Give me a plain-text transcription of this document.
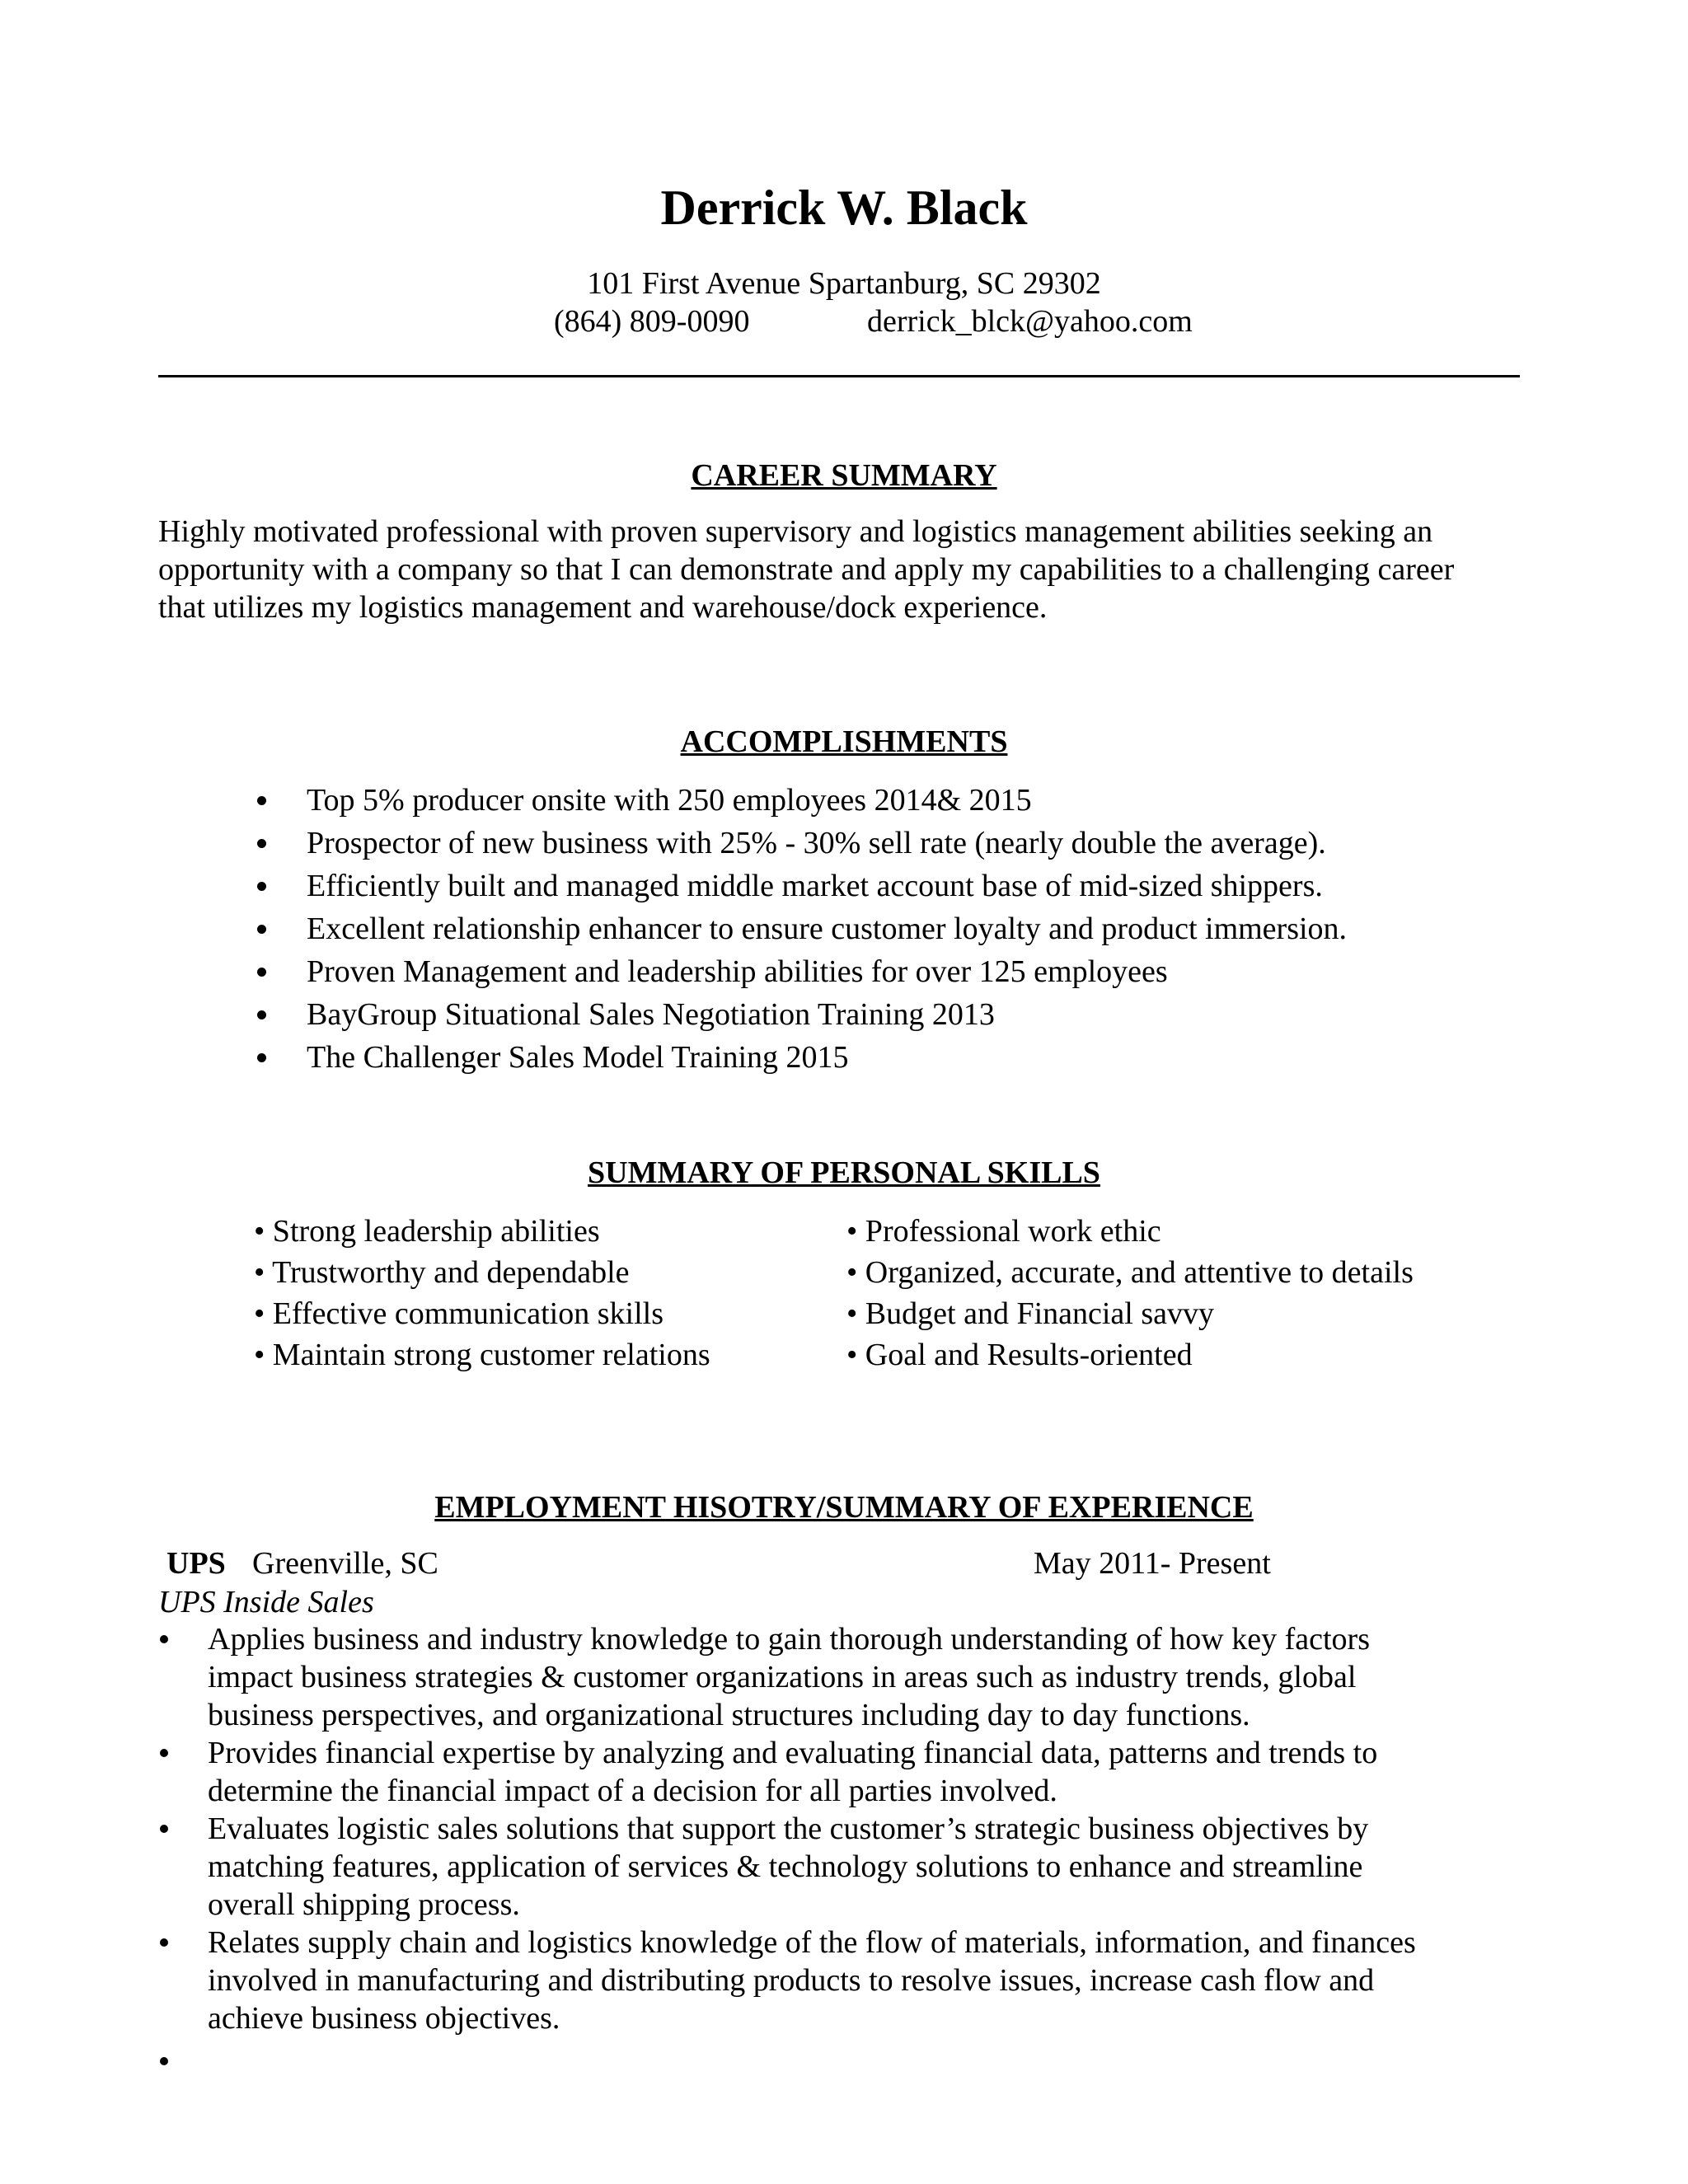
Derrick W. Black

101 First Avenue Spartanburg, SC 29302

(864) 809-0090	derrick_blck@yahoo.com

CAREER SUMMARY

Highly motivated professional with proven supervisory and logistics management abilities seeking an
opportunity with a company so that I can demonstrate and apply my capabilities to a challenging career
that utilizes my logistics management and warehouse/dock experience.

ACCOMPLISHMENTS
Top 5% producer onsite with 250 employees 2014& 2015
Prospector of new business with 25% - 30% sell rate (nearly double the average).
Efficiently built and managed middle market account base of mid-sized shippers.
Excellent relationship enhancer to ensure customer loyalty and product immersion.
Proven Management and leadership abilities for over 125 employees
BayGroup Situational Sales Negotiation Training 2013
The Challenger Sales Model Training 2015
SUMMARY OF PERSONAL SKILLS
• Strong leadership abilities
• Trustworthy and dependable
• Effective communication skills
• Maintain strong customer relations
• Professional work ethic
• Organized, accurate, and attentive to details
• Budget and Financial savvy
• Goal and Results-oriented
EMPLOYMENT HISOTRY/SUMMARY OF EXPERIENCE

UPS Greenville, SC	May 2011- Present

UPS Inside Sales

Applies business and industry knowledge to gain thorough understanding of how key factors
impact business strategies & customer organizations in areas such as industry trends, global
business perspectives, and organizational structures including day to day functions.
Provides financial expertise by analyzing and evaluating financial data, patterns and trends to
determine the financial impact of a decision for all parties involved.
Evaluates logistic sales solutions that support the customer’s strategic business objectives by
matching features, application of services & technology solutions to enhance and streamline
overall shipping process.
Relates supply chain and logistics knowledge of the flow of materials, information, and finances
involved in manufacturing and distributing products to resolve issues, increase cash flow and
achieve business objectives.
